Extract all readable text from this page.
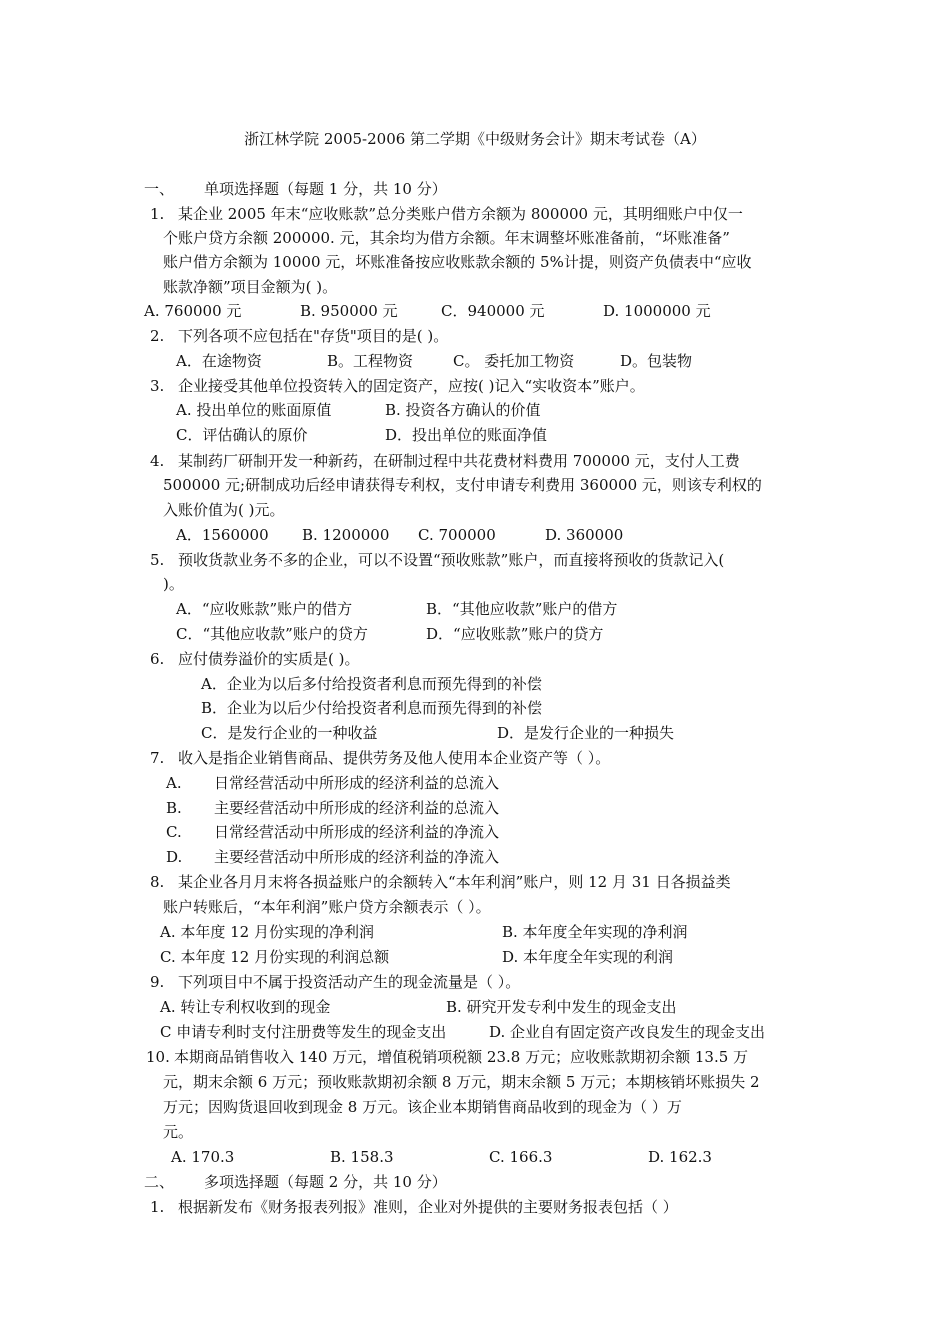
浙江林学院 2005-2006 第二学期《中级财务会计》期末考试卷（A）
一、 单项选择题（每题 1 分，共 10 分）
1. 某企业 2005 年末“应收账款”总分类账户借方余额为 800000 元，其明细账户中仅一
个账户贷方余额 200000. 元，其余均为借方余额。年末调整坏账准备前，“坏账准备”
账户借方余额为 10000 元，坏账准备按应收账款余额的 5%计提，则资产负债表中“应收
账款净额”项目金额为( )。
A. 760000 元	B. 950000 元	C．940000 元	D. 1000000 元
2. 下列各项不应包括在"存货"项目的是( )。
A．在途物资	B。工程物资	C。 委托加工物资	D。包装物
3. 企业接受其他单位投资转入的固定资产，应按( )记入“实收资本”账户。
A. 投出单位的账面原值	B. 投资各方确认的价值
C．评估确认的原价	D．投出单位的账面净值
4. 某制药厂研制开发一种新药，在研制过程中共花费材料费用 700000 元，支付人工费
500000 元;研制成功后经申请获得专利权，支付申请专利费用 360000 元，则该专利权的
入账价值为( )元。
A．1560000 B. 1200000 C. 700000	D. 360000
5. 预收货款业务不多的企业，可以不设置“预收账款”账户，而直接将预收的货款记入(
)。
A．“应收账款”账户的借方	B．“其他应收款”账户的借方
C．“其他应收款”账户的贷方	D．“应收账款”账户的贷方
6. 应付债券溢价的实质是( )。
A．企业为以后多付给投资者利息而预先得到的补偿
B．企业为以后少付给投资者利息而预先得到的补偿
C．是发行企业的一种收益	D．是发行企业的一种损失
7. 收入是指企业销售商品、提供劳务及他人使用本企业资产等（ ）。
A. 日常经营活动中所形成的经济利益的总流入
B. 主要经营活动中所形成的经济利益的总流入
C. 日常经营活动中所形成的经济利益的净流入
D. 主要经营活动中所形成的经济利益的净流入
8. 某企业各月月末将各损益账户的余额转入“本年利润”账户，则 12 月 31 日各损益类
账户转账后，“本年利润”账户贷方余额表示（ ）。
A. 本年度 12 月份实现的净利润	B. 本年度全年实现的净利润
C. 本年度 12 月份实现的利润总额	D. 本年度全年实现的利润
9. 下列项目中不属于投资活动产生的现金流量是（ ）。
A. 转让专利权收到的现金	B. 研究开发专利中发生的现金支出
C 申请专利时支付注册费等发生的现金支出	D. 企业自有固定资产改良发生的现金支出
10. 本期商品销售收入 140 万元，增值税销项税额 23.8 万元；应收账款期初余额 13.5 万
元，期末余额 6 万元；预收账款期初余额 8 万元，期末余额 5 万元；本期核销坏账损失 2
万元；因购货退回收到现金 8 万元。该企业本期销售商品收到的现金为（ ）万
元。
A. 170.3	B. 158.3	C. 166.3	D. 162.3
二、 多项选择题（每题 2 分，共 10 分）
1. 根据新发布《财务报表列报》准则，企业对外提供的主要财务报表包括（ ）
